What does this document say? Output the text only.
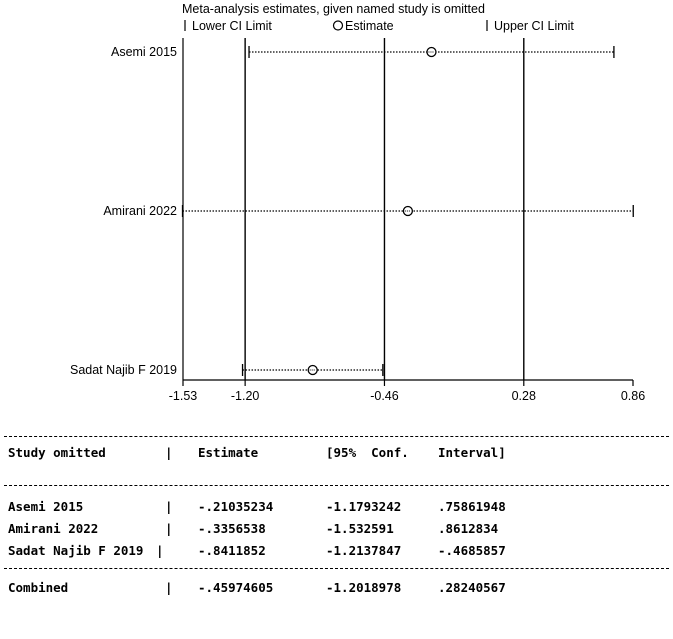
Meta-analysis estimates, given named study is omitted
Lower CI Limit	Estimate	Upper CI Limit
Asemi 2015
Amirani 2022
Sadat Najib F 2019
-1.53	-1.20	-0.46	0.28	0.86
Study omitted	| Estimate	[95%  Conf. Interval]
Asemi 2015	| -.21035234	-1.1793242	.75861948
Amirani 2022	| -.3356538	-1.532591	.8612834
Sadat Najib F 2019 |	-.8411852	-1.2137847	-.4685857
Combined	| -.45974605	-1.2018978	.28240567
